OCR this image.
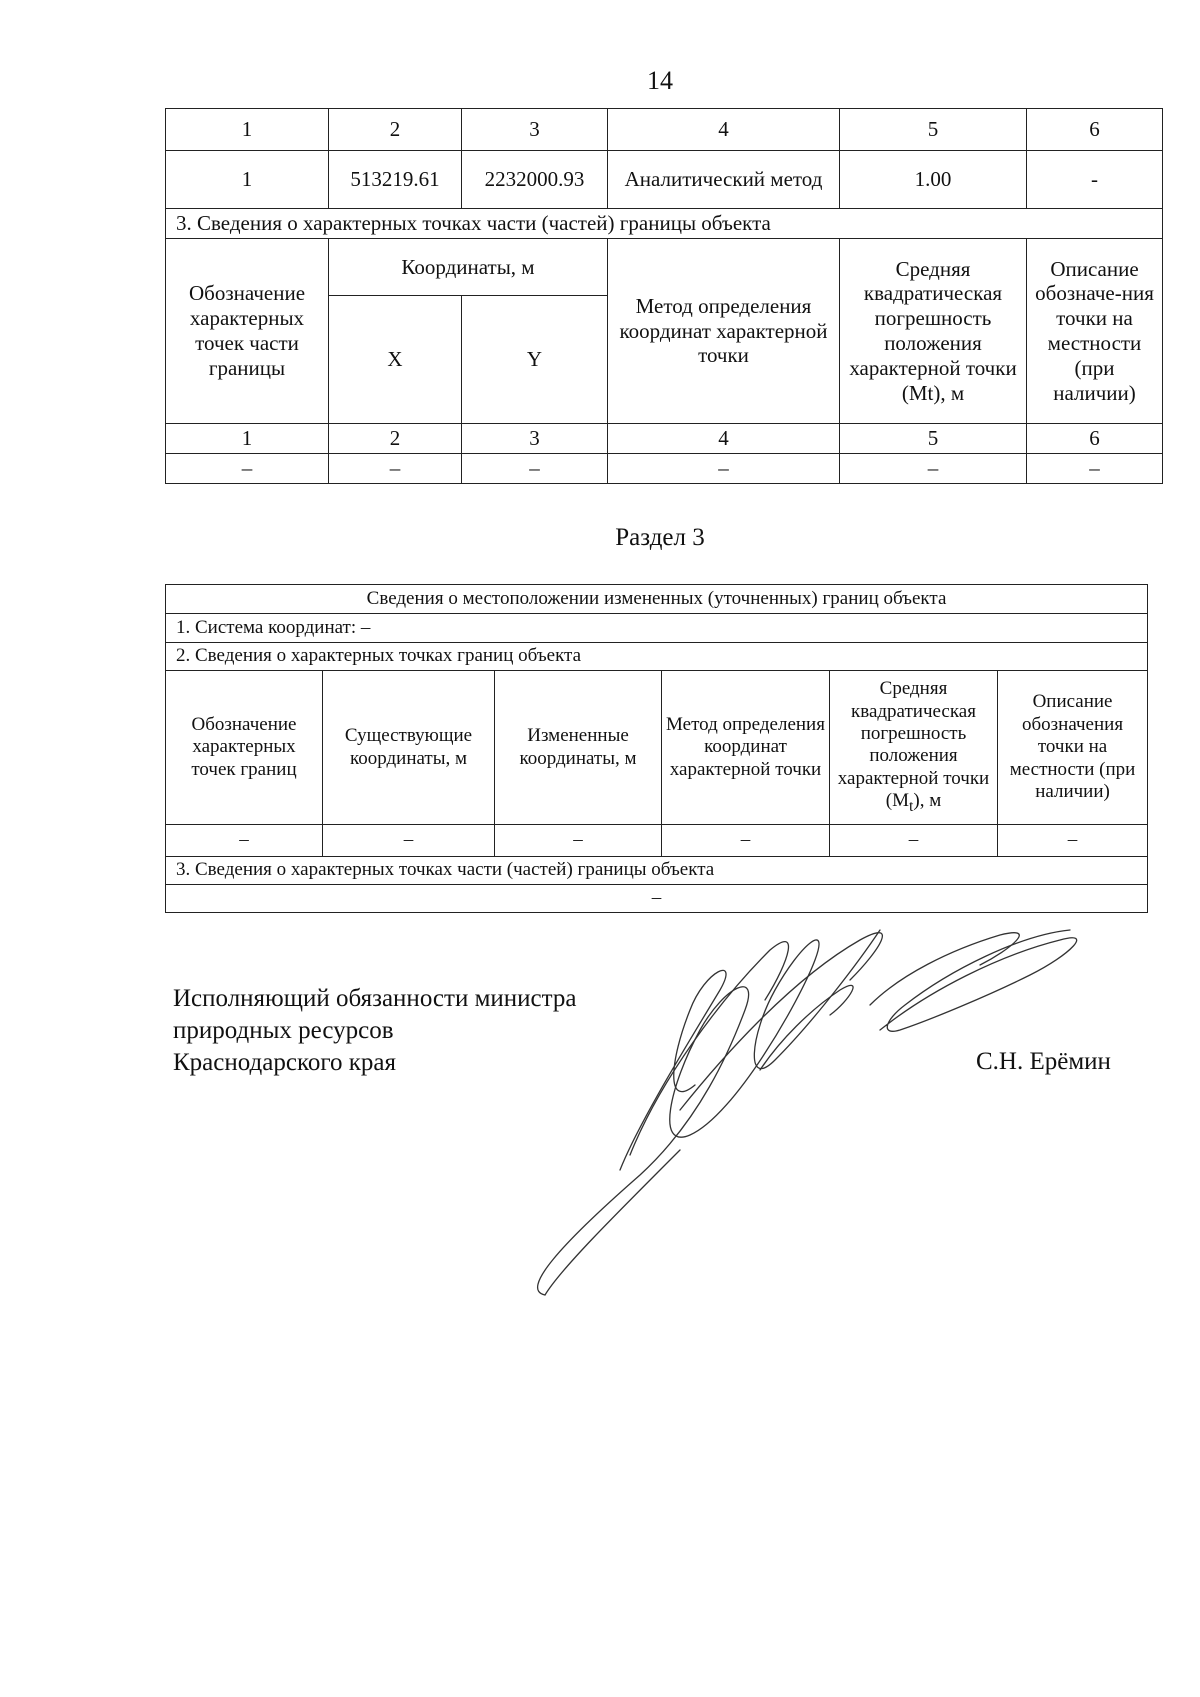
14
1	2	3	4	5	6
1	513219.61	2232000.93	Аналитический метод	1.00	-
3. Сведения о характерных точках части (частей) границы объекта					
Обозначение характерных точек части границы	Координаты, м		Метод определения координат характерной точки	Средняя квадратическая погрешность положения характерной точки (Mt), м	Описание обозначе-ния точки на местности (при наличии)
	X	Y			
1	2	3	4	5	6
–	–	–	–	–	–
Раздел 3
Сведения о местоположении измененных (уточненных) границ объекта					
1. Система координат: –					
2. Сведения о характерных точках границ объекта					
Обозначение характерных точек границ	Существующие координаты, м	Измененные координаты, м	Метод определения координат характерной точки	Средняя квадратическая погрешность положения характерной точки $(M_t)$, м	Описание обозначения точки на местности (при наличии)
–	–	–	–	–	–
3. Сведения о характерных точках части (частей) границы объекта					
–					
Исполняющий обязанности министра
природных ресурсов
Краснодарского края	С.Н. Ерёмин
